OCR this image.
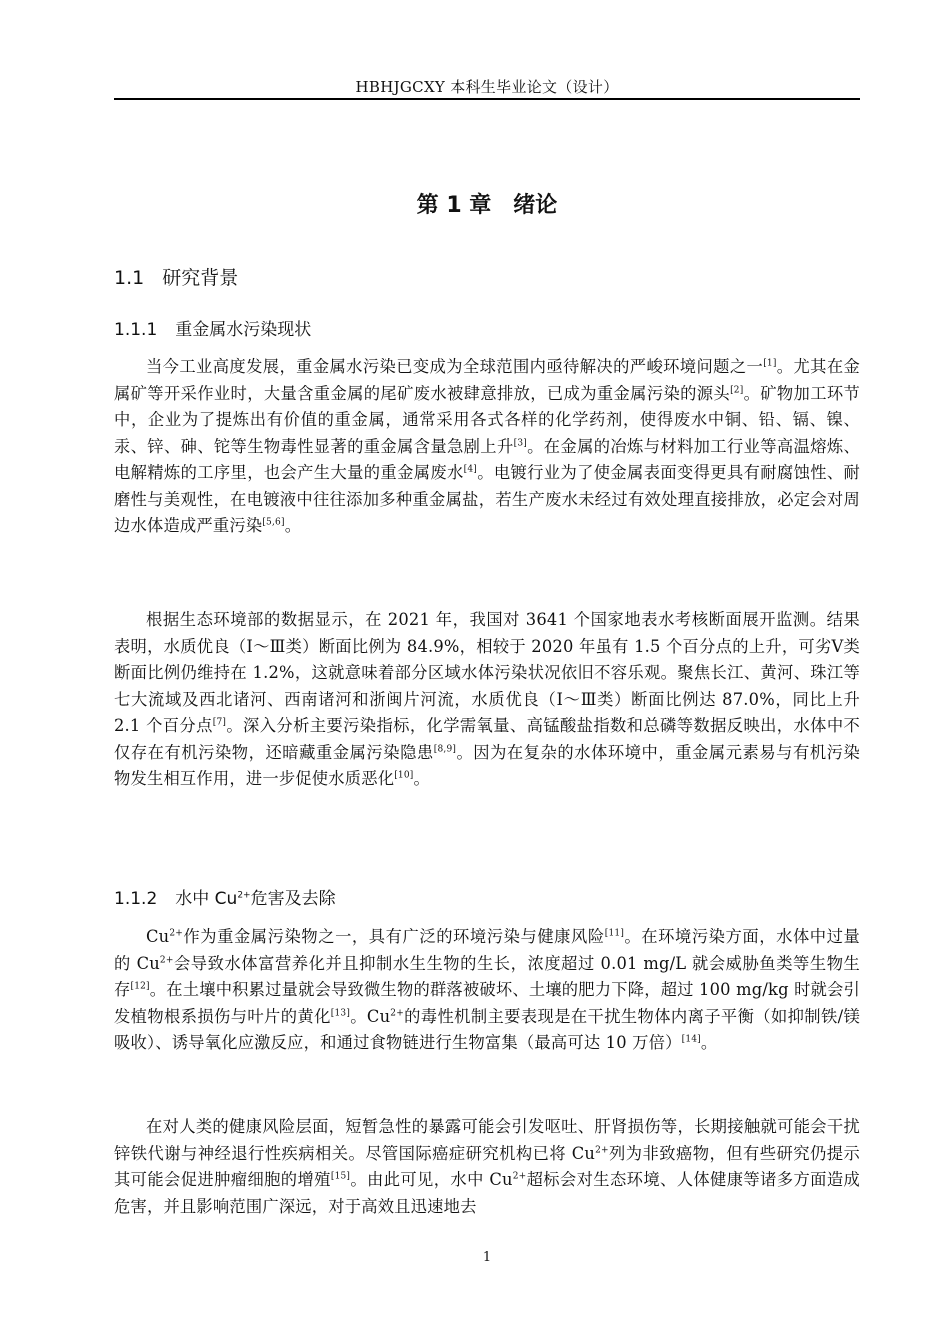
HBHJGCXY 本科生毕业论文（设计）
第 1 章　绪论
1.1 研究背景
1.1.1 重金属水污染现状

当今工业高度发展，重金属水污染已变成为全球范围内亟待解决的严峻环境问题之一[1]。尤其在金属矿等开采作业时，大量含重金属的尾矿废水被肆意排放，已成为重金属污染的源头[2]。矿物加工环节中，企业为了提炼出有价值的重金属，通常采用各式各样的化学药剂，使得废水中铜、铅、镉、镍、汞、锌、砷、铊等生物毒性显著的重金属含量急剧上升[3]。在金属的冶炼与材料加工行业等高温熔炼、电解精炼的工序里，也会产生大量的重金属废水[4]。电镀行业为了使金属表面变得更具有耐腐蚀性、耐磨性与美观性，在电镀液中往往添加多种重金属盐，若生产废水未经过有效处理直接排放，必定会对周边水体造成严重污染[5,6]。

根据生态环境部的数据显示，在 2021 年，我国对 3641 个国家地表水考核断面展开监测。结果表明，水质优良（Ⅰ～Ⅲ类）断面比例为 84.9%，相较于 2020 年虽有 1.5 个百分点的上升，可劣Ⅴ类断面比例仍维持在 1.2%，这就意味着部分区域水体污染状况依旧不容乐观。聚焦长江、黄河、珠江等七大流域及西北诸河、西南诸河和浙闽片河流，水质优良（Ⅰ～Ⅲ类）断面比例达 87.0%，同比上升 2.1 个百分点[7]。深入分析主要污染指标，化学需氧量、高锰酸盐指数和总磷等数据反映出，水体中不仅存在有机污染物，还暗藏重金属污染隐患[8,9]。因为在复杂的水体环境中，重金属元素易与有机污染物发生相互作用，进一步促使水质恶化[10]。

1.1.2 水中 $Cu^{2+}$危害及去除

$Cu^{2+}$作为重金属污染物之一，具有广泛的环境污染与健康风险[11]。在环境污染方面，水体中过量的 $Cu^{2+}$会导致水体富营养化并且抑制水生生物的生长，浓度超过 0.01 mg/L 就会威胁鱼类等生物生存[12]。在土壤中积累过量就会导致微生物的群落被破坏、土壤的肥力下降，超过 100 mg/kg 时就会引发植物根系损伤与叶片的黄化[13]。$Cu^{2+}$的毒性机制主要表现是在干扰生物体内离子平衡（如抑制铁/镁吸收）、诱导氧化应激反应，和通过食物链进行生物富集（最高可达 10 万倍）[14]。

在对人类的健康风险层面，短暂急性的暴露可能会引发呕吐、肝肾损伤等，长期接触就可能会干扰锌铁代谢与神经退行性疾病相关。尽管国际癌症研究机构已将 $Cu^{2+}$列为非致癌物，但有些研究仍提示其可能会促进肿瘤细胞的增殖[15]。由此可见，水中 $Cu^{2+}$超标会对生态环境、人体健康等诸多方面造成危害，并且影响范围广深远，对于高效且迅速地去

1
